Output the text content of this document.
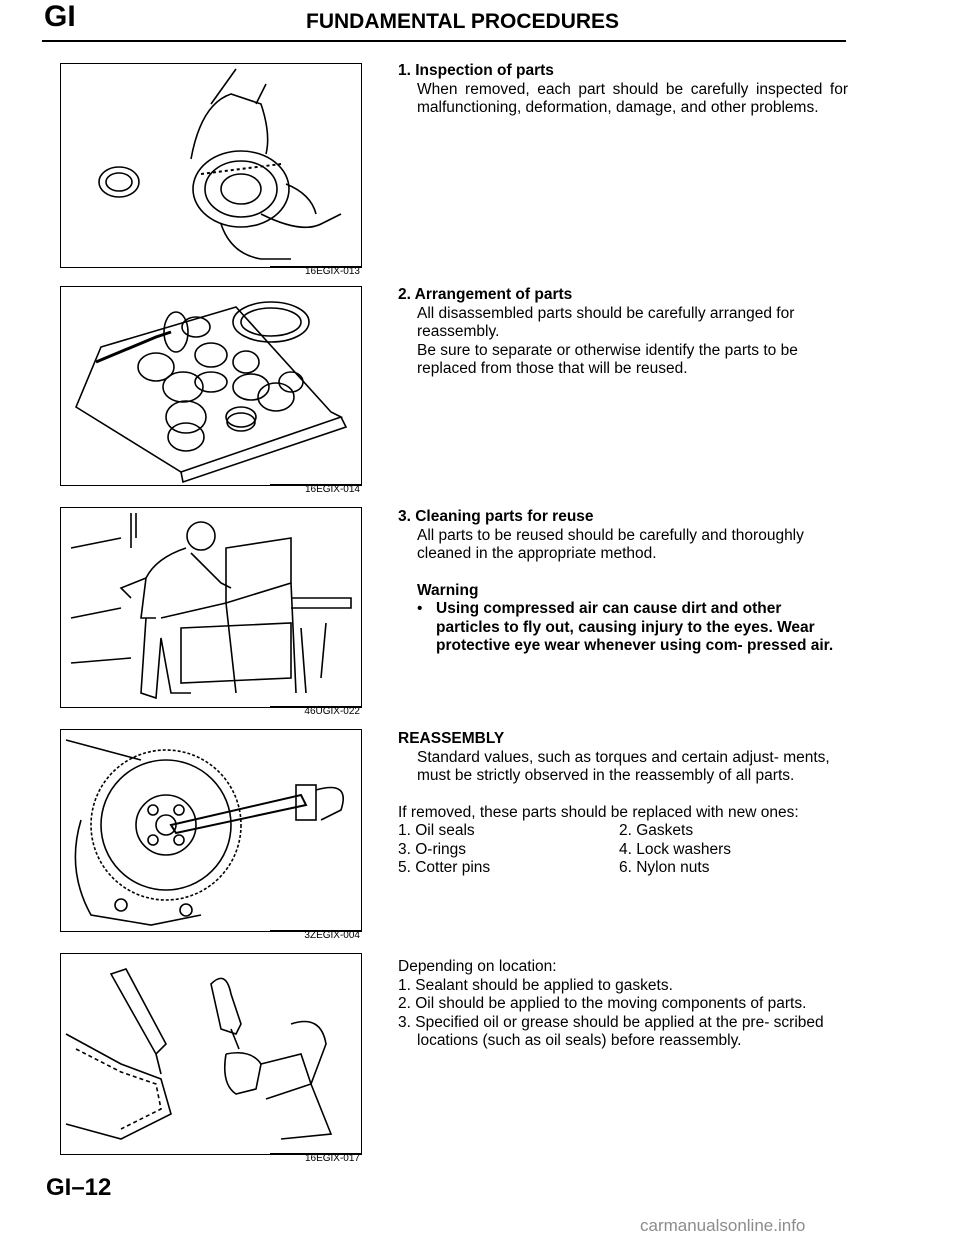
GI	FUNDAMENTAL PROCEDURES
16EGIX-013
16EGIX-014
46UGIX-022
3ZEGIX-004
16EGIX-017
1. Inspection of parts
When removed, each part should be carefully inspected for malfunctioning, deformation, damage, and other problems.
2. Arrangement of parts
All disassembled parts should be carefully arranged for reassembly.
Be sure to separate or otherwise identify the parts to be replaced from those that will be reused.
3. Cleaning parts for reuse
All parts to be reused should be carefully and thoroughly cleaned in the appropriate method.
Warning
• Using compressed air can cause dirt and other particles to fly out, causing injury to the eyes. Wear protective eye wear whenever using com- pressed air.
REASSEMBLY
Standard values, such as torques and certain adjust- ments, must be strictly observed in the reassembly of all parts.
If removed, these parts should be replaced with new ones:
1. Oil seals	2. Gaskets
3. O-rings	4. Lock washers
5. Cotter pins	6. Nylon nuts
Depending on location:
1. Sealant should be applied to gaskets.
2. Oil should be applied to the moving components of parts.
3. Specified oil or grease should be applied at the pre- scribed locations (such as oil seals) before reassembly.
GI–12
carmanualsonline.info
